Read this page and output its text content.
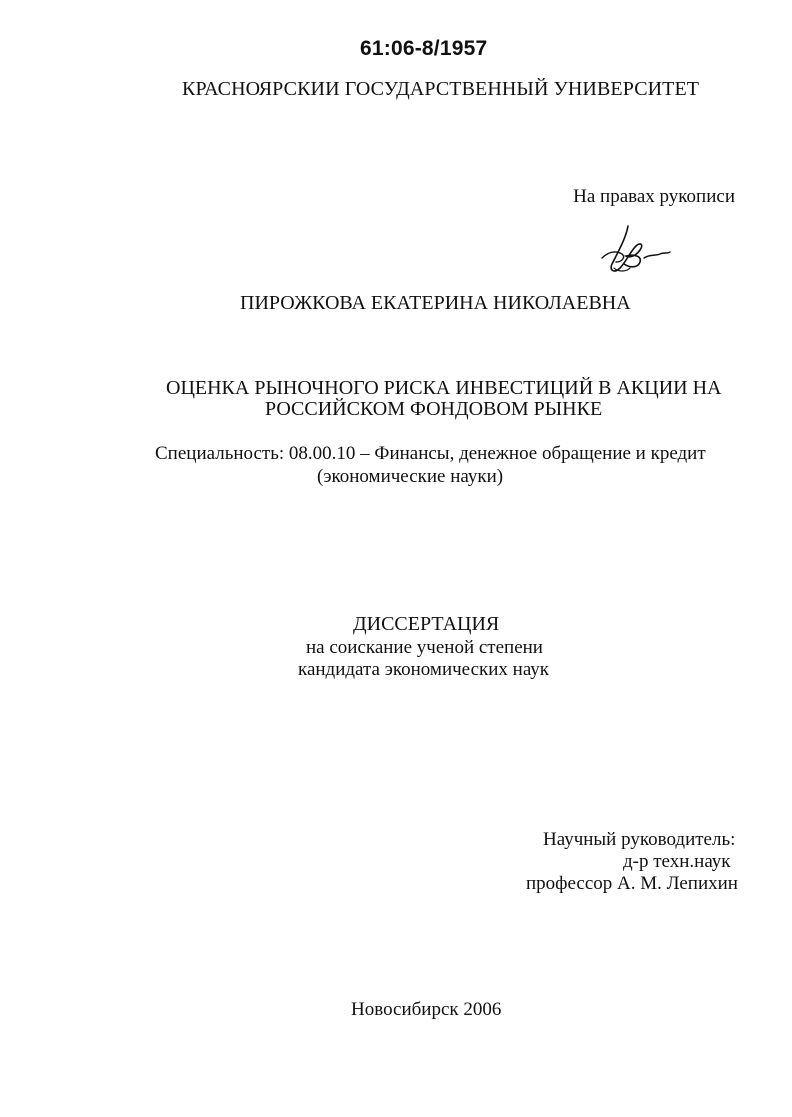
61:06-8/1957
КРАСНОЯРСКИИ ГОСУДАРСТВЕННЫЙ УНИВЕРСИТЕТ
На правах рукописи
ПИРОЖКОВА ЕКАТЕРИНА НИКОЛАЕВНА
ОЦЕНКА РЫНОЧНОГО РИСКА ИНВЕСТИЦИЙ В АКЦИИ НА
РОССИЙСКОМ ФОНДОВОМ РЫНКЕ
Специальность: 08.00.10 – Финансы, денежное обращение и кредит
(экономические науки)
ДИССЕРТАЦИЯ
на соискание ученой степени
кандидата экономических наук
Научный руководитель:
д-р техн.наук
профессор А. М. Лепихин
Новосибирск 2006
